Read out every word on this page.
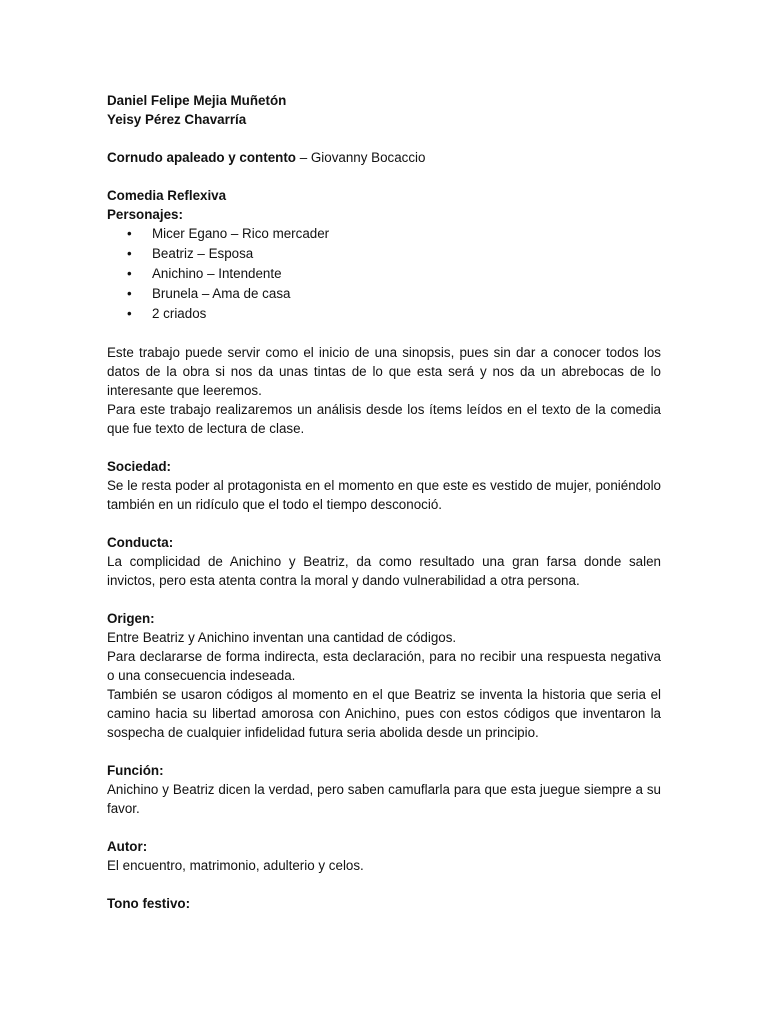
Daniel Felipe Mejia Muñetón

Yeisy Pérez Chavarría

Cornudo apaleado y contento – Giovanny Bocaccio

Comedia Reflexiva

Personajes:

• Micer Egano – Rico mercader
• Beatriz – Esposa
• Anichino – Intendente
• Brunela – Ama de casa
• 2 criados

Este trabajo puede servir como el inicio de una sinopsis, pues sin dar a conocer todos los datos de la obra si nos da unas tintas de lo que esta será y nos da un abrebocas de lo interesante que leeremos.

Para este trabajo realizaremos un análisis desde los ítems leídos en el texto de la comedia que fue texto de lectura de clase.

Sociedad:

Se le resta poder al protagonista en el momento en que este es vestido de mujer, poniéndolo también en un ridículo que el todo el tiempo desconoció.

Conducta:

La complicidad de Anichino y Beatriz, da como resultado una gran farsa donde salen invictos, pero esta atenta contra la moral y dando vulnerabilidad a otra persona.

Origen:

Entre Beatriz y Anichino inventan una cantidad de códigos.

Para declararse de forma indirecta, esta declaración, para no recibir una respuesta negativa o una consecuencia indeseada.

También se usaron códigos al momento en el que Beatriz se inventa la historia que seria el camino hacia su libertad amorosa con Anichino, pues con estos códigos que inventaron la sospecha de cualquier infidelidad futura seria abolida desde un principio.

Función:

Anichino y Beatriz dicen la verdad, pero saben camuflarla para que esta juegue siempre a su favor.

Autor:

El encuentro, matrimonio, adulterio y celos.

Tono festivo:
